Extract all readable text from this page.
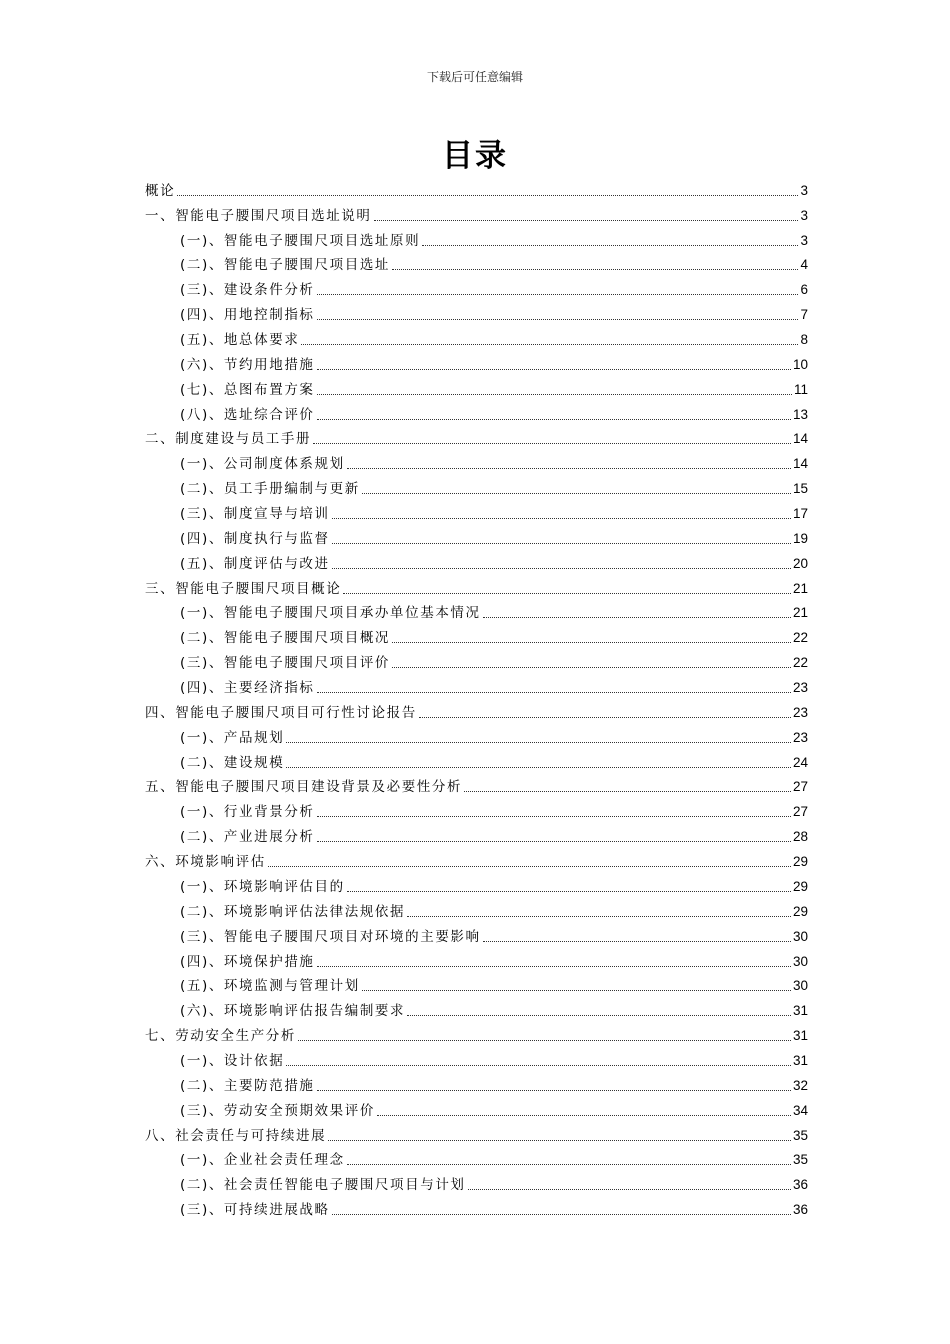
下载后可任意编辑
目录
概论	3
一、智能电子腰围尺项目选址说明	3
(一)、智能电子腰围尺项目选址原则	3
(二)、智能电子腰围尺项目选址	4
(三)、建设条件分析	6
(四)、用地控制指标	7
(五)、地总体要求	8
(六)、节约用地措施	10
(七)、总图布置方案	11
(八)、选址综合评价	13
二、制度建设与员工手册	14
(一)、公司制度体系规划	14
(二)、员工手册编制与更新	15
(三)、制度宣导与培训	17
(四)、制度执行与监督	19
(五)、制度评估与改进	20
三、智能电子腰围尺项目概论	21
(一)、智能电子腰围尺项目承办单位基本情况	21
(二)、智能电子腰围尺项目概况	22
(三)、智能电子腰围尺项目评价	22
(四)、主要经济指标	23
四、智能电子腰围尺项目可行性讨论报告	23
(一)、产品规划	23
(二)、建设规模	24
五、智能电子腰围尺项目建设背景及必要性分析	27
(一)、行业背景分析	27
(二)、产业进展分析	28
六、环境影响评估	29
(一)、环境影响评估目的	29
(二)、环境影响评估法律法规依据	29
(三)、智能电子腰围尺项目对环境的主要影响	30
(四)、环境保护措施	30
(五)、环境监测与管理计划	30
(六)、环境影响评估报告编制要求	31
七、劳动安全生产分析	31
(一)、设计依据	31
(二)、主要防范措施	32
(三)、劳动安全预期效果评价	34
八、社会责任与可持续进展	35
(一)、企业社会责任理念	35
(二)、社会责任智能电子腰围尺项目与计划	36
(三)、可持续进展战略	36
